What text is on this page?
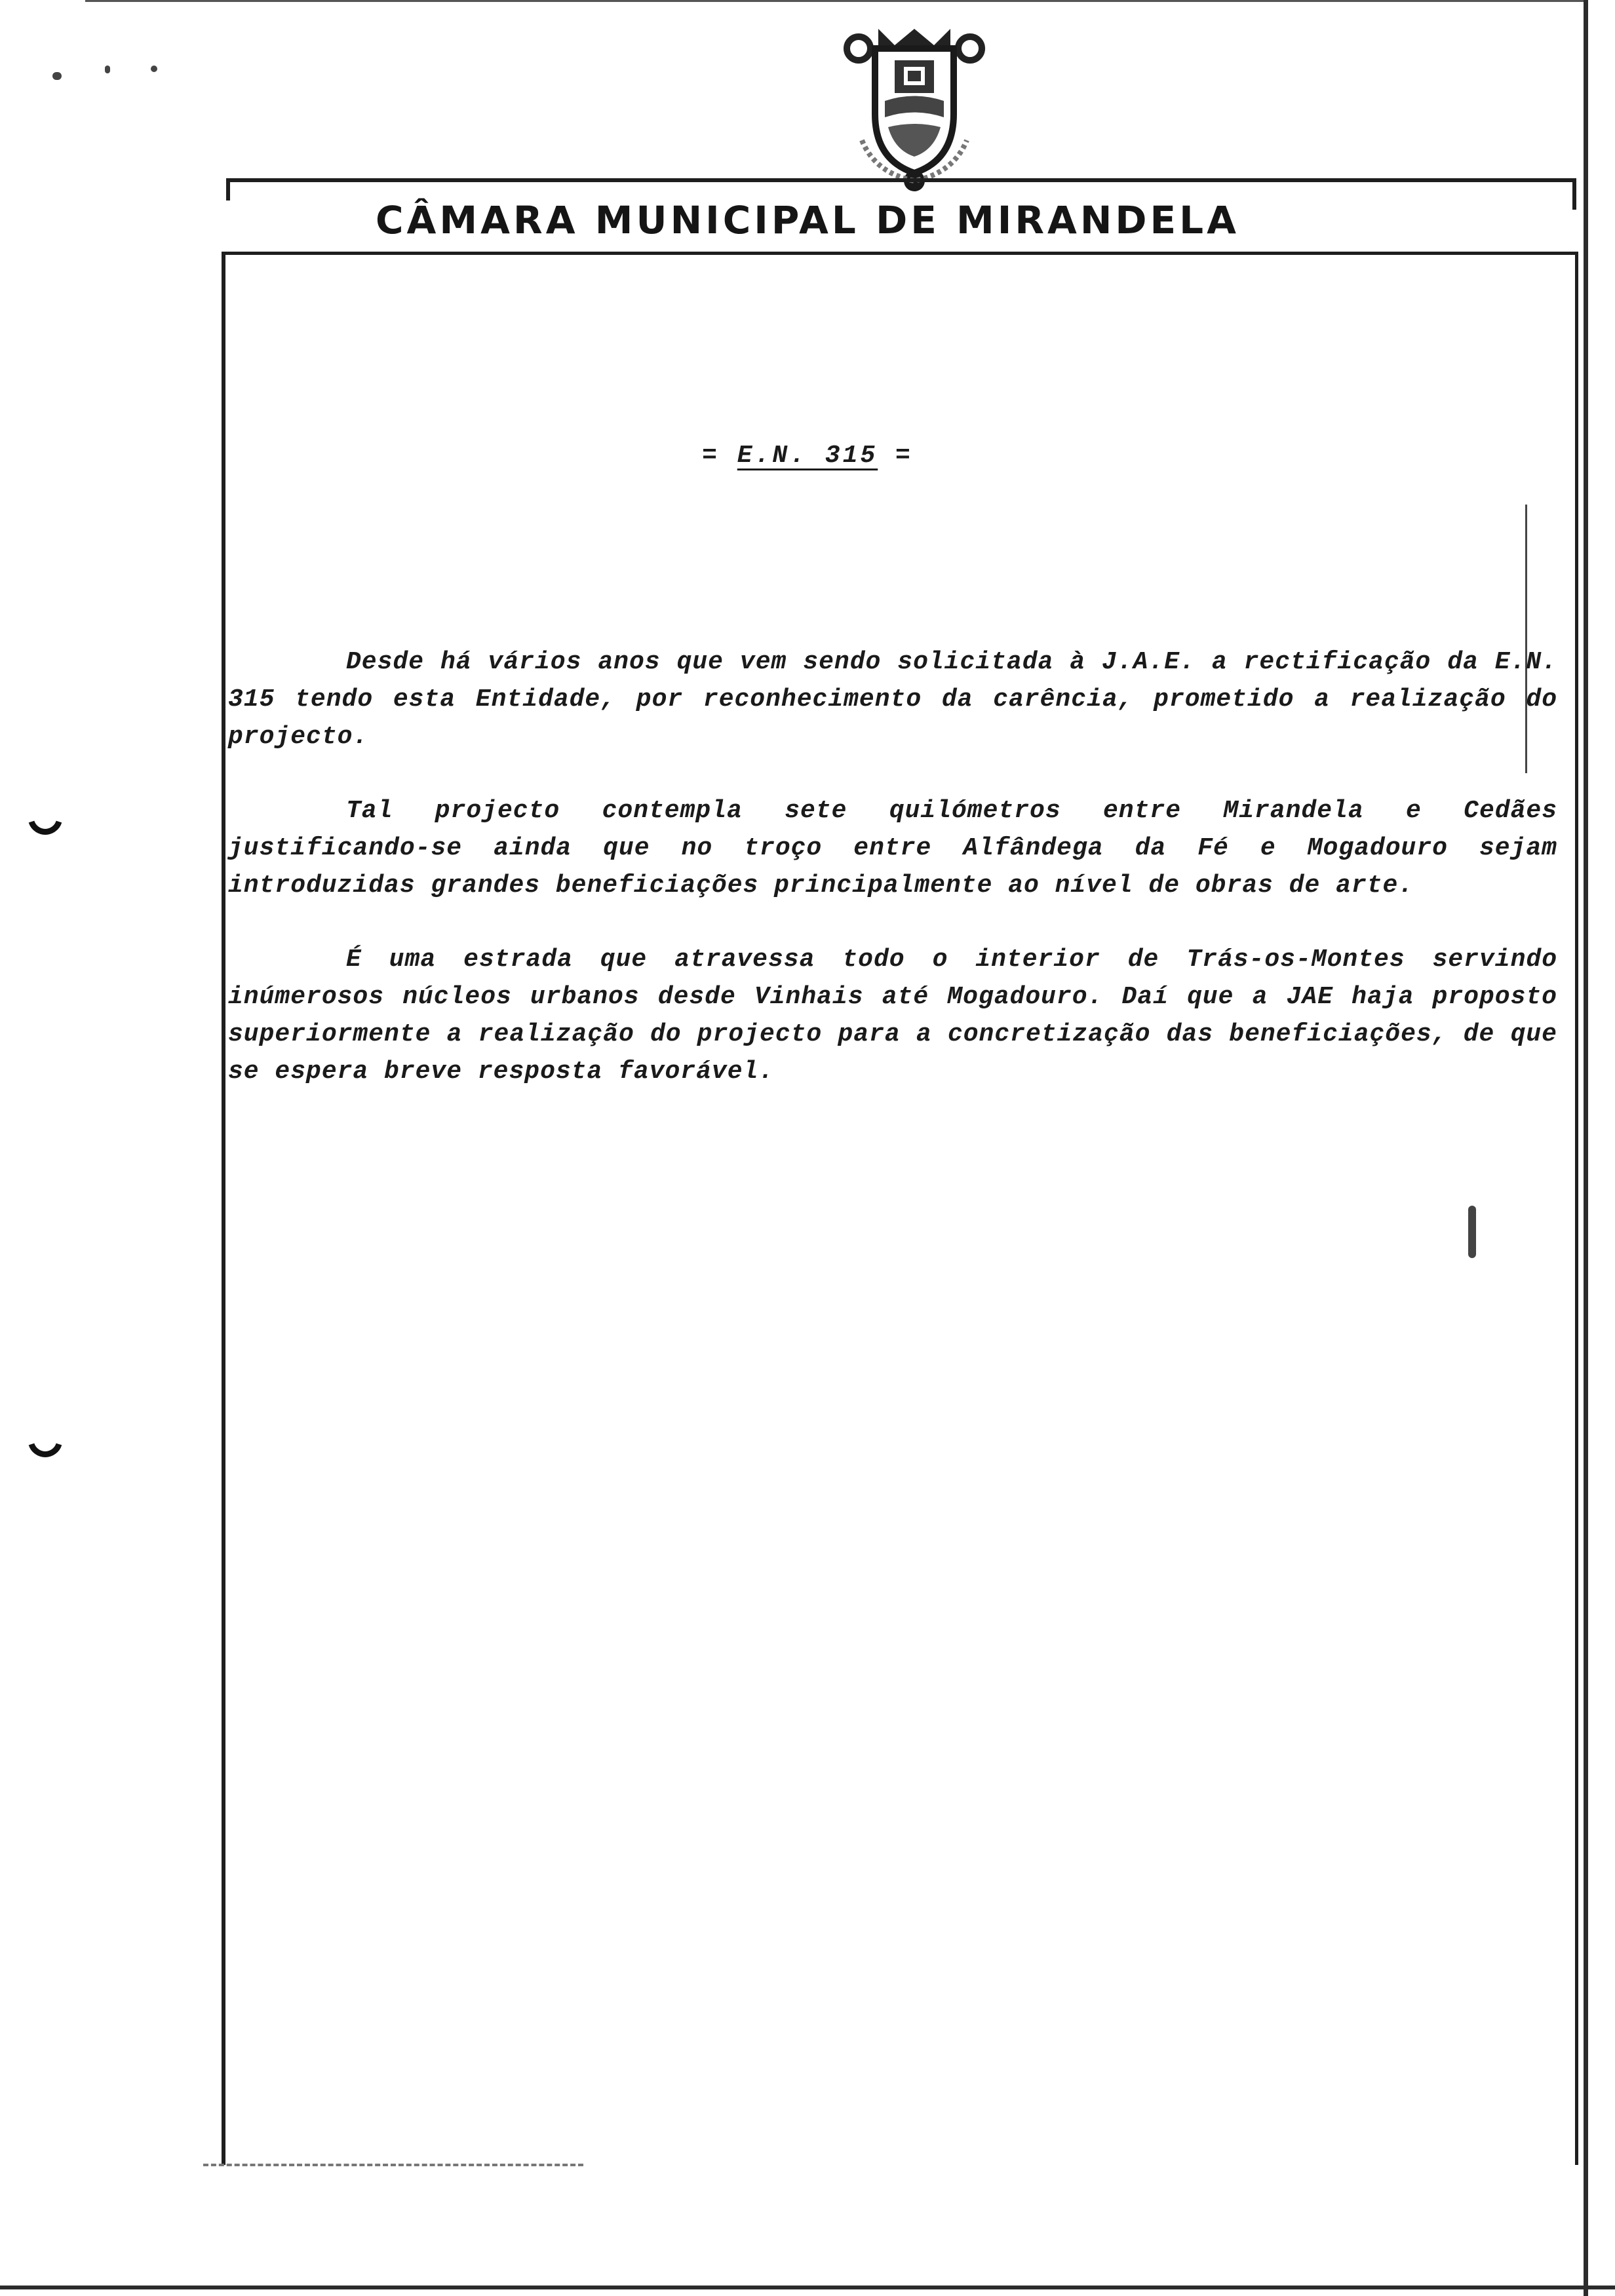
CÂMARA MUNICIPAL DE MIRANDELA
= E.N. 315 =

Desde há vários anos que vem sendo solicitada à J.A.E. a rectificação da E.N. 315 tendo esta Entidade, por reconhecimento da carência, prometido a realização do projecto.

Tal projecto contempla sete quilómetros entre Mirandela e Cedães justificando-se ainda que no troço entre Alfândega da Fé e Mogadouro sejam introduzidas grandes beneficiações principalmente ao nível de obras de arte.

É uma estrada que atravessa todo o interior de Trás-os-Montes servindo inúmerosos núcleos urbanos desde Vinhais até Mogadouro. Daí que a JAE haja proposto superiormente a realização do projecto para a concretização das beneficiações, de que se espera breve resposta favorável.
